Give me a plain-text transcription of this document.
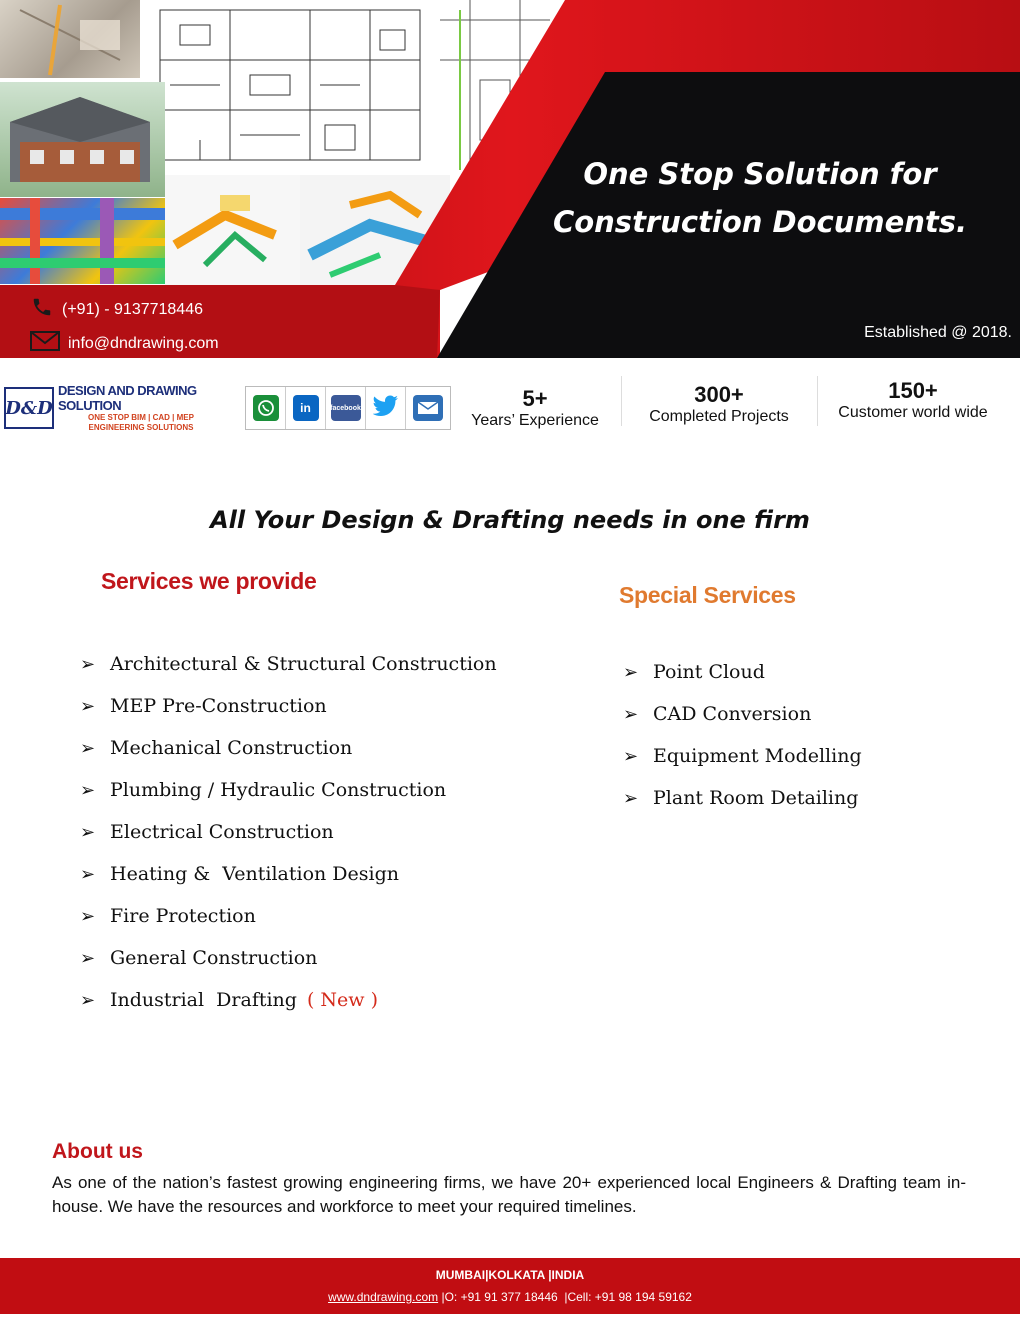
One Stop Solution for
Construction Documents.
(+91) - 9137718446
info@dndrawing.com
Established @ 2018.
D&D
DESIGN AND DRAWING SOLUTION
ONE STOP BIM | CAD | MEP
ENGINEERING SOLUTIONS
in	facebook	5+
Years’ Experience
300+
Completed Projects
150+
Customer world wide
All Your Design & Drafting needs in one firm
Services we provide
➢ Architectural & Structural Construction
➢ MEP Pre-Construction
➢ Mechanical Construction
➢ Plumbing / Hydraulic Construction
➢ Electrical Construction
➢ Heating &  Ventilation Design
➢ Fire Protection
➢ General Construction
➢ Industrial  Drafting ( New )
Special Services
➢ Point Cloud
➢ CAD Conversion
➢ Equipment Modelling
➢ Plant Room Detailing
About us
As one of the nation’s fastest growing engineering firms, we have 20+ experienced local Engineers & Drafting team in-house. We have the resources and workforce to meet your required timelines.
MUMBAI|KOLKATA |INDIA
www.dndrawing.com |O: +91 91 377 18446  |Cell: +91 98 194 59162
